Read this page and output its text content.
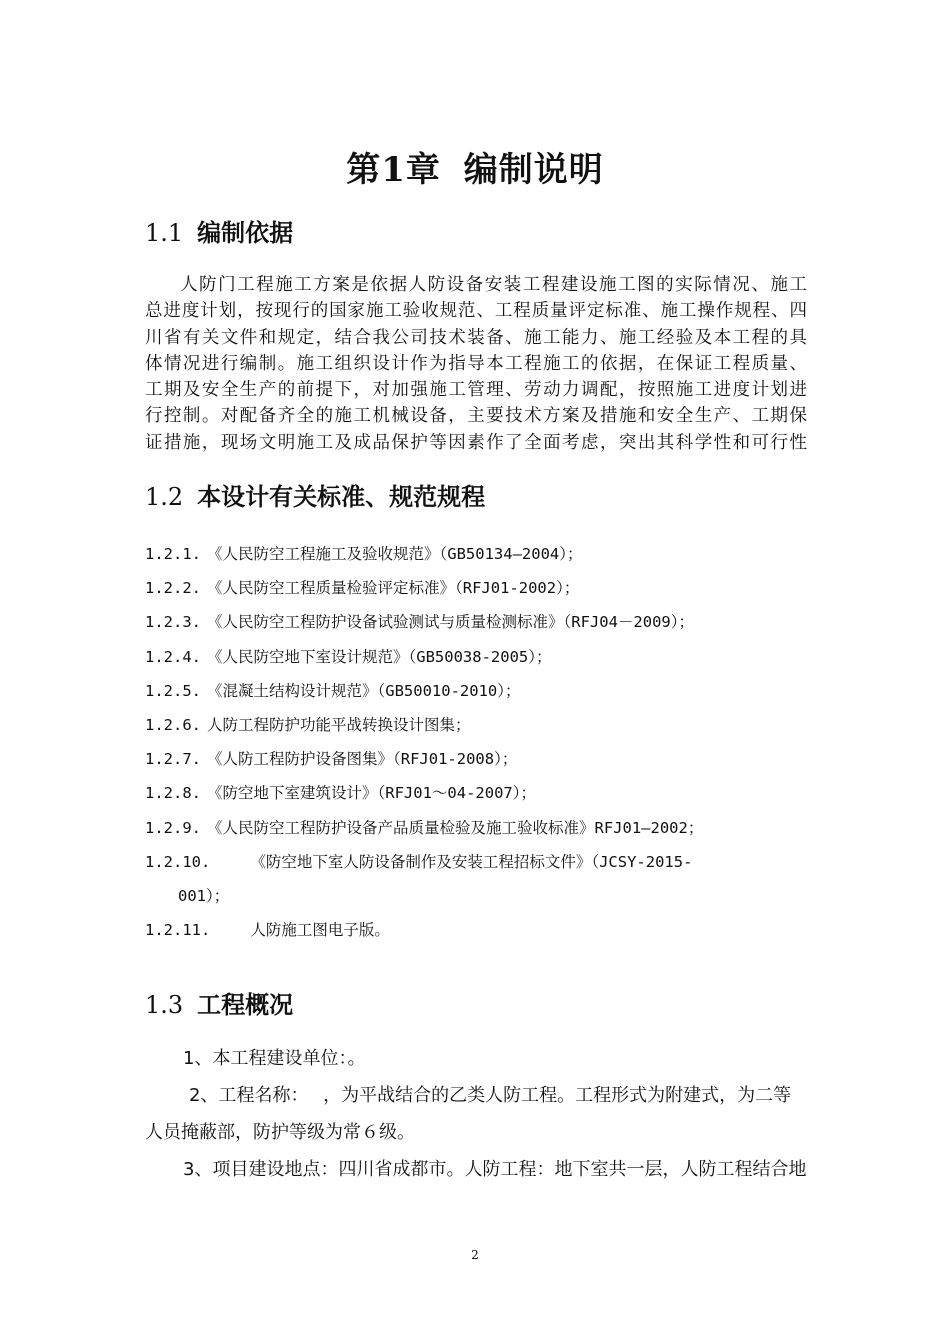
第1章 编制说明
1.1 编制依据
人防门工程施工方案是依据人防设备安装工程建设施工图的实际情况、施工
总进度计划，按现行的国家施工验收规范、工程质量评定标准、施工操作规程、四
川省有关文件和规定，结合我公司技术装备、施工能力、施工经验及本工程的具
体情况进行编制。施工组织设计作为指导本工程施工的依据，在保证工程质量、
工期及安全生产的前提下，对加强施工管理、劳动力调配，按照施工进度计划进
行控制。对配备齐全的施工机械设备，主要技术方案及措施和安全生产、工期保
证措施，现场文明施工及成品保护等因素作了全面考虑，突出其科学性和可行性
1.2 本设计有关标准、规范规程
1.2.1. 《人民防空工程施工及验收规范》（GB50134—2004）；
1.2.2. 《人民防空工程质量检验评定标准》（RFJ01-2002）；
1.2.3. 《人民防空工程防护设备试验测试与质量检测标准》（RFJ04－2009）；
1.2.4. 《人民防空地下室设计规范》（GB50038-2005）；
1.2.5. 《混凝土结构设计规范》（GB50010-2010）；
1.2.6. 人防工程防护功能平战转换设计图集；
1.2.7. 《人防工程防护设备图集》（RFJ01-2008）；
1.2.8. 《防空地下室建筑设计》（RFJ01～04-2007）；
1.2.9. 《人民防空工程防护设备产品质量检验及施工验收标准》RFJ01—2002；
1.2.10.	《防空地下室人防设备制作及安装工程招标文件》（JCSY-2015-
001）；
1.2.11.	人防施工图电子版。
1.3 工程概况
1、本工程建设单位：。
2、工程名称：　 ，为平战结合的乙类人防工程。工程形式为附建式，为二等
人员掩蔽部，防护等级为常６级。
3、项目建设地点：四川省成都市。人防工程：地下室共一层，人防工程结合地
2
